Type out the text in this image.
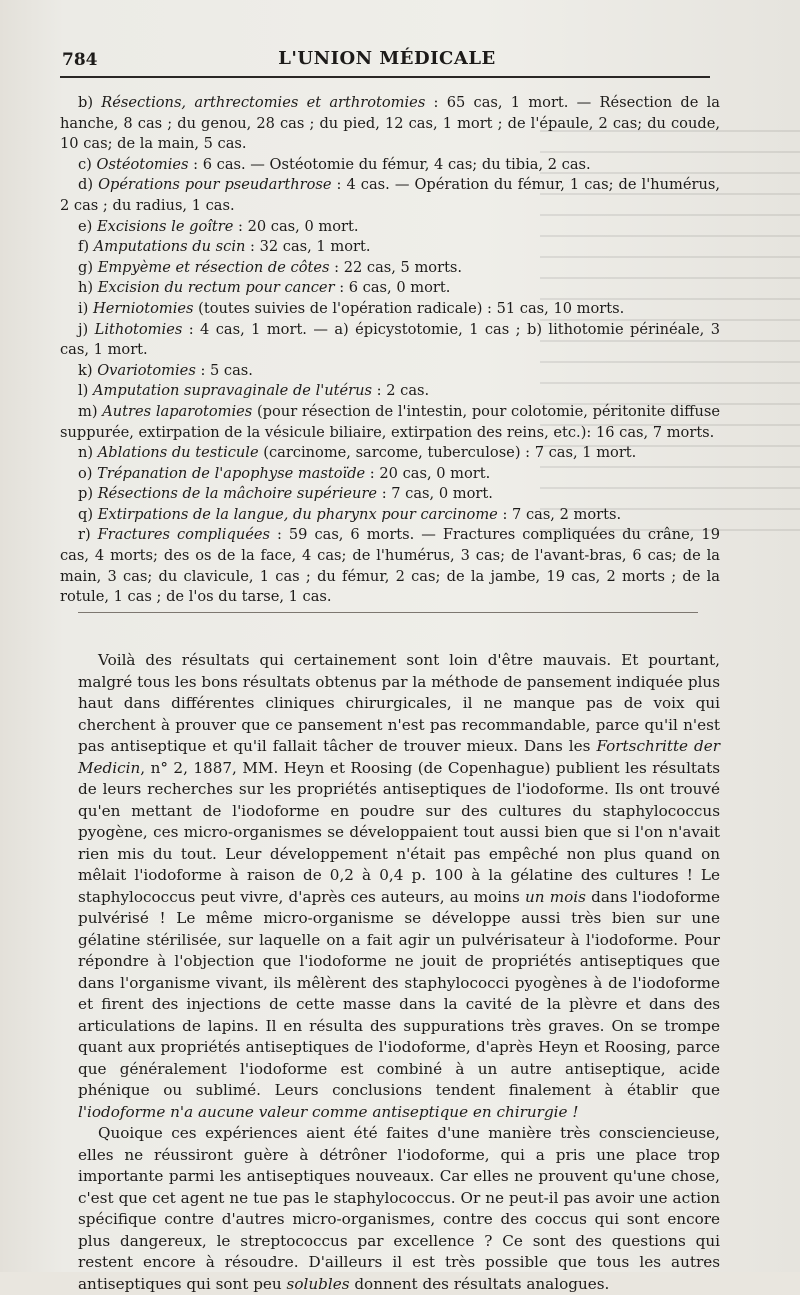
784	L'UNION MÉDICALE

b) Résections, arthrectomies et arthrotomies : 65 cas, 1 mort. — Résection de la hanche, 8 cas ; du genou, 28 cas ; du pied, 12 cas, 1 mort ; de l'épaule, 2 cas; du coude, 10 cas; de la main, 5 cas.

c) Ostéotomies : 6 cas. — Ostéotomie du fémur, 4 cas; du tibia, 2 cas.

d) Opérations pour pseudarthrose : 4 cas. — Opération du fémur, 1 cas; de l'humérus, 2 cas ; du radius, 1 cas.

e) Excisions le goître : 20 cas, 0 mort.

f) Amputations du scin : 32 cas, 1 mort.

g) Empyème et résection de côtes : 22 cas, 5 morts.

h) Excision du rectum pour cancer : 6 cas, 0 mort.

i) Herniotomies (toutes suivies de l'opération radicale) : 51 cas, 10 morts.

j) Lithotomies : 4 cas, 1 mort. — a) épicystotomie, 1 cas ; b) lithotomie périnéale, 3 cas, 1 mort.

k) Ovariotomies : 5 cas.

l) Amputation supravaginale de l'utérus : 2 cas.

m) Autres laparotomies (pour résection de l'intestin, pour colotomie, péritonite diffuse suppurée, extirpation de la vésicule biliaire, extirpation des reins, etc.): 16 cas, 7 morts.

n) Ablations du testicule (carcinome, sarcome, tuberculose) : 7 cas, 1 mort.

o) Trépanation de l'apophyse mastoïde : 20 cas, 0 mort.

p) Résections de la mâchoire supérieure : 7 cas, 0 mort.

q) Extirpations de la langue, du pharynx pour carcinome : 7 cas, 2 morts.

r) Fractures compliquées : 59 cas, 6 morts. — Fractures compliquées du crâne, 19 cas, 4 morts; des os de la face, 4 cas; de l'humérus, 3 cas; de l'avant-bras, 6 cas; de la main, 3 cas; du clavicule, 1 cas ; du fémur, 2 cas; de la jambe, 19 cas, 2 morts ; de la rotule, 1 cas ; de l'os du tarse, 1 cas.

Voilà des résultats qui certainement sont loin d'être mauvais. Et pourtant, malgré tous les bons résultats obtenus par la méthode de pansement indiquée plus haut dans différentes cliniques chirurgicales, il ne manque pas de voix qui cherchent à prouver que ce pansement n'est pas recommandable, parce qu'il n'est pas antiseptique et qu'il fallait tâcher de trouver mieux. Dans les Fortschritte der Medicin, n° 2, 1887, MM. Heyn et Roosing (de Copenhague) publient les résultats de leurs recherches sur les propriétés antiseptiques de l'iodoforme. Ils ont trouvé qu'en mettant de l'iodoforme en poudre sur des cultures du staphylococcus pyogène, ces micro-organismes se développaient tout aussi bien que si l'on n'avait rien mis du tout. Leur développement n'était pas empêché non plus quand on mêlait l'iodoforme à raison de 0,2 à 0,4 p. 100 à la gélatine des cultures ! Le staphylococcus peut vivre, d'après ces auteurs, au moins un mois dans l'iodoforme pulvérisé ! Le même micro-organisme se développe aussi très bien sur une gélatine stérilisée, sur laquelle on a fait agir un pulvérisateur à l'iodoforme. Pour répondre à l'objection que l'iodoforme ne jouit de propriétés antiseptiques que dans l'organisme vivant, ils mêlèrent des staphylococci pyogènes à de l'iodoforme et firent des injections de cette masse dans la cavité de la plèvre et dans des articulations de lapins. Il en résulta des suppurations très graves. On se trompe quant aux propriétés antiseptiques de l'iodoforme, d'après Heyn et Roosing, parce que généralement l'iodoforme est combiné à un autre antiseptique, acide phénique ou sublimé. Leurs conclusions tendent finalement à établir que l'iodoforme n'a aucune valeur comme antiseptique en chirurgie !

Quoique ces expériences aient été faites d'une manière très consciencieuse, elles ne réussiront guère à détrôner l'iodoforme, qui a pris une place trop importante parmi les antiseptiques nouveaux. Car elles ne prouvent qu'une chose, c'est que cet agent ne tue pas le staphylococcus. Or ne peut-il pas avoir une action spécifique contre d'autres micro-organismes, contre des coccus qui sont encore plus dangereux, le streptococcus par excellence ? Ce sont des questions qui restent encore à résoudre. D'ailleurs il est très possible que tous les autres antiseptiques qui sont peu solubles donnent des résultats analogues.
